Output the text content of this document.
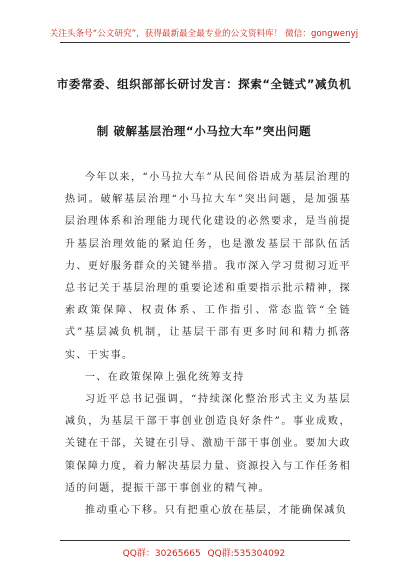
关注头条号“公文研究”，获得最新最全最专业的公文资料库！ 微信：gongwenyj
市委常委、组织部部长研讨发言：探索“全链式”减负机
制 破解基层治理“小马拉大车”突出问题

今年以来，“小马拉大车”从民间俗语成为基层治理的热词。破解基层治理“小马拉大车”突出问题，是加强基层治理体系和治理能力现代化建设的必然要求，是当前提升基层治理效能的紧迫任务，也是激发基层干部队伍活力、更好服务群众的关键举措。我市深入学习贯彻习近平总书记关于基层治理的重要论述和重要指示批示精神，探索政策保障、权责体系、工作指引、常态监管“全链式”基层减负机制，让基层干部有更多时间和精力抓落实、干实事。

一、在政策保障上强化统筹支持

习近平总书记强调，“持续深化整治形式主义为基层减负，为基层干部干事创业创造良好条件”。事业成败，关键在干部，关键在引导、激励干部干事创业。要加大政策保障力度，着力解决基层力量、资源投入与工作任务相适的问题，提振干部干事创业的精气神。

推动重心下移。只有把重心放在基层，才能确保减负

QQ群：30265665 QQ群:535304092
